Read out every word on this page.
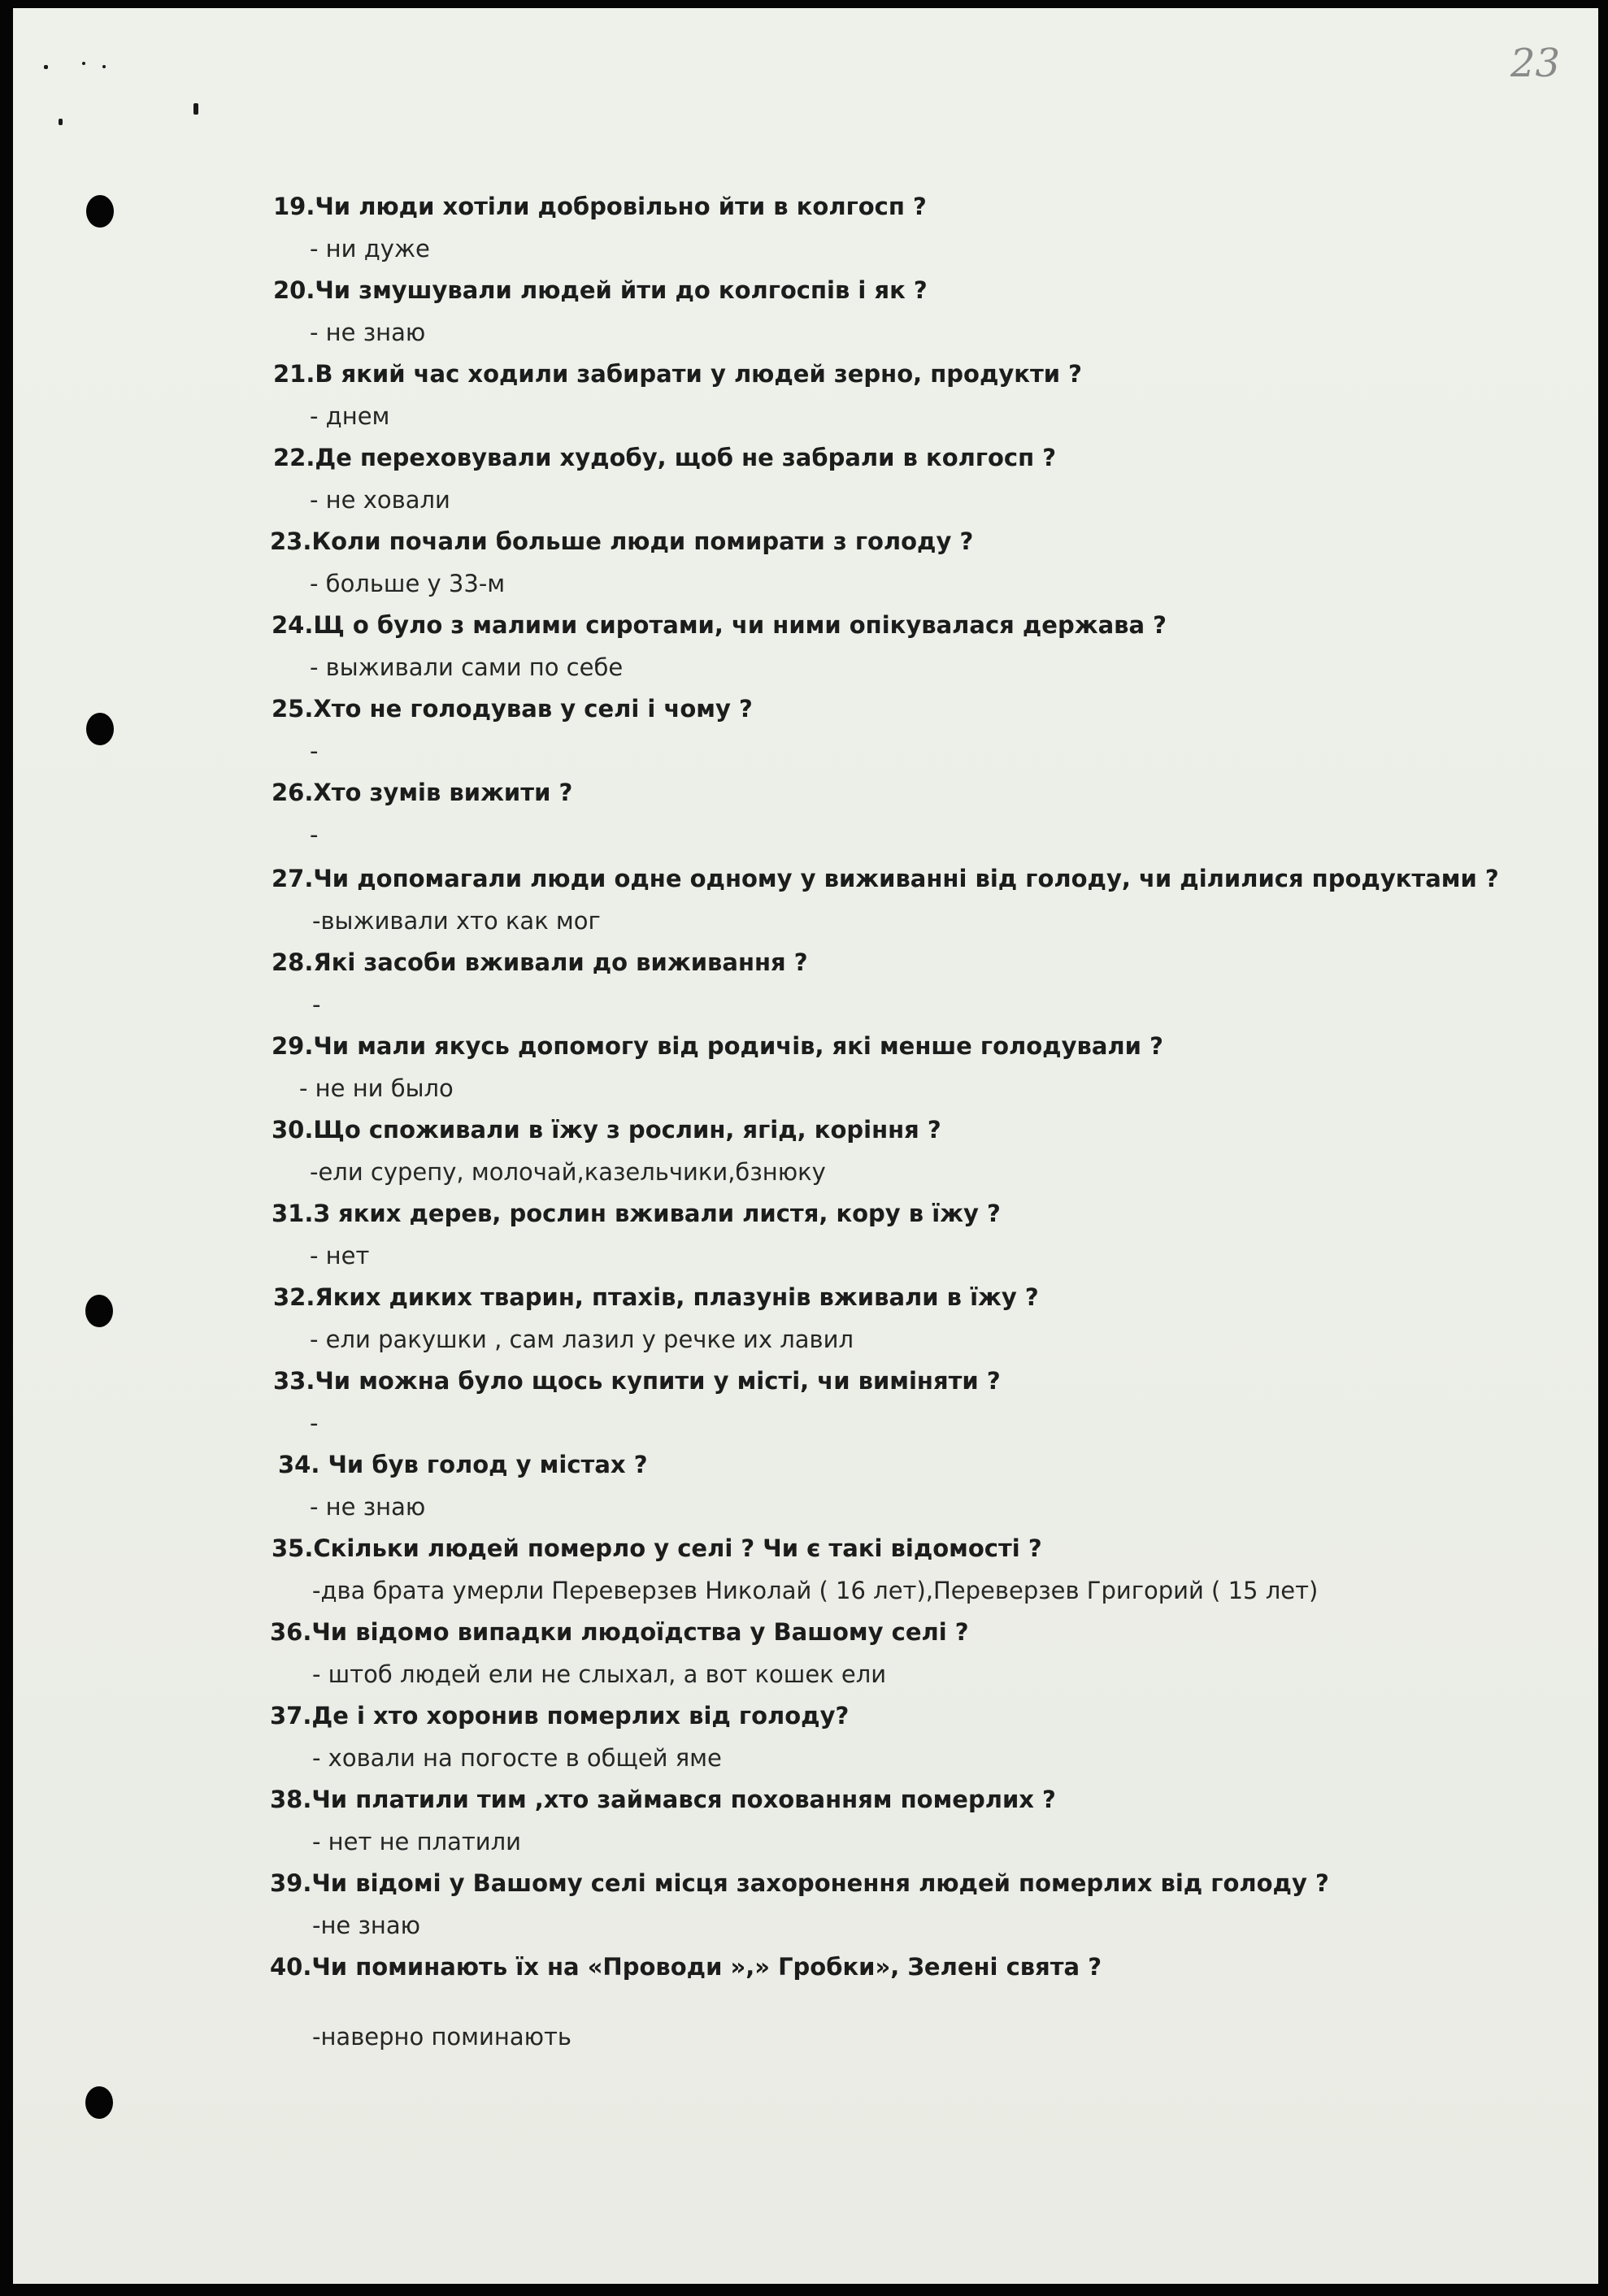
23
19.Чи люди хотіли добровільно йти в колгосп ?
- ни дуже
20.Чи змушували людей йти до колгоспів і як ?
- не знаю
21.В який час ходили забирати у людей зерно, продукти ?
- днем
22.Де переховували худобу, щоб не забрали в колгосп ?
- не ховали
23.Коли почали больше люди помирати з голоду ?
- больше у 33-м
24.Щ о було з малими сиротами, чи ними опікувалася держава ?
- выживали сами по себе
25.Хто не голодував у селі і чому ?
-
26.Хто зумів вижити ?
-
27.Чи допомагали люди одне одному у виживанні від голоду, чи ділилися продуктами ?
-выживали хто как мог
28.Які засоби вживали до виживання ?
-
29.Чи мали якусь допомогу від родичів, які менше голодували ?
- не ни было
30.Що споживали в їжу з рослин, ягід, коріння ?
-ели сурепу, молочай,казельчики,бзнюку
31.З яких дерев, рослин вживали листя, кору в їжу ?
- нет
32.Яких диких тварин, птахів, плазунів вживали в їжу ?
- ели ракушки , сам лазил у речке их лавил
33.Чи можна було щось купити у місті, чи виміняти ?
-
34. Чи був голод у містах ?
- не знаю
35.Скільки людей померло у селі ? Чи є такі відомості ?
-два брата умерли Переверзев Николай ( 16 лет),Переверзев Григорий ( 15 лет)
36.Чи відомо випадки людоїдства у Вашому селі ?
- штоб людей ели не слыхал, а вот кошек ели
37.Де і хто хоронив померлих від голоду?
- ховали на погосте в общей яме
38.Чи платили тим ,хто займався похованням померлих ?
- нет не платили
39.Чи відомі у Вашому селі місця захоронення людей померлих від голоду ?
-не знаю
40.Чи поминають їх на «Проводи »,» Гробки», Зелені свята ?
-наверно поминають
